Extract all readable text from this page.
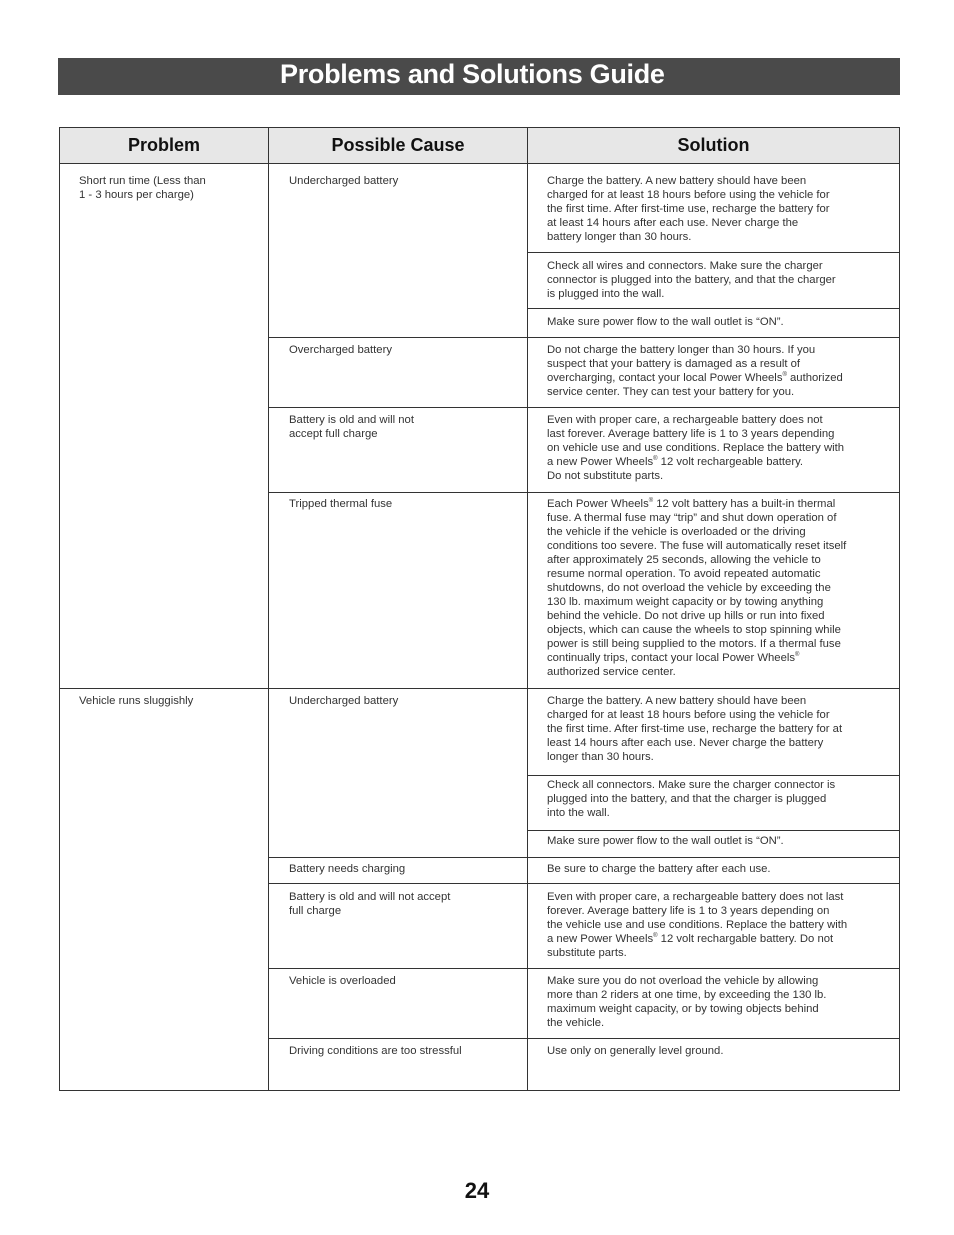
Problems and Solutions Guide
Problem	Possible Cause	Solution
Short run time (Less than
1 - 3 hours per charge)
Vehicle runs sluggishly
Undercharged battery
Overcharged battery
Battery is old and will not
accept full charge
Tripped thermal fuse
Undercharged battery
Battery needs charging
Battery is old and will not accept
full charge
Vehicle is overloaded
Driving conditions are too stressful
Charge the battery. A new battery should have been
charged for at least 18 hours before using the vehicle for
the first time. After first-time use, recharge the battery for
at least 14 hours after each use. Never charge the
battery longer than 30 hours.
Check all wires and connectors. Make sure the charger
connector is plugged into the battery, and that the charger
is plugged into the wall.
Make sure power flow to the wall outlet is “ON”.
Do not charge the battery longer than 30 hours. If you
suspect that your battery is damaged as a result of
overcharging, contact your local Power Wheels® authorized
service center. They can test your battery for you.
Even with proper care, a rechargeable battery does not
last forever. Average battery life is 1 to 3 years depending
on vehicle use and use conditions. Replace the battery with
a new Power Wheels® 12 volt rechargeable battery.
Do not substitute parts.
Each Power Wheels® 12 volt battery has a built-in thermal
fuse. A thermal fuse may “trip” and shut down operation of
the vehicle if the vehicle is overloaded or the driving
conditions too severe. The fuse will automatically reset itself
after approximately 25 seconds, allowing the vehicle to
resume normal operation. To avoid repeated automatic
shutdowns, do not overload the vehicle by exceeding the
130 lb. maximum weight capacity or by towing anything
behind the vehicle. Do not drive up hills or run into fixed
objects, which can cause the wheels to stop spinning while
power is still being supplied to the motors. If a thermal fuse
continually trips, contact your local Power Wheels®
authorized service center.
Charge the battery. A new battery should have been
charged for at least 18 hours before using the vehicle for
the first time. After first-time use, recharge the battery for at
least 14 hours after each use. Never charge the battery
longer than 30 hours.
Check all connectors. Make sure the charger connector is
plugged into the battery, and that the charger is plugged
into the wall.
Make sure power flow to the wall outlet is “ON”.
Be sure to charge the battery after each use.
Even with proper care, a rechargeable battery does not last
forever. Average battery life is 1 to 3 years depending on
the vehicle use and use conditions. Replace the battery with
a new Power Wheels® 12 volt rechargable battery. Do not
substitute parts.
Make sure you do not overload the vehicle by allowing
more than 2 riders at one time, by exceeding the 130 lb.
maximum weight capacity, or by towing objects behind
the vehicle.
Use only on generally level ground.
24
